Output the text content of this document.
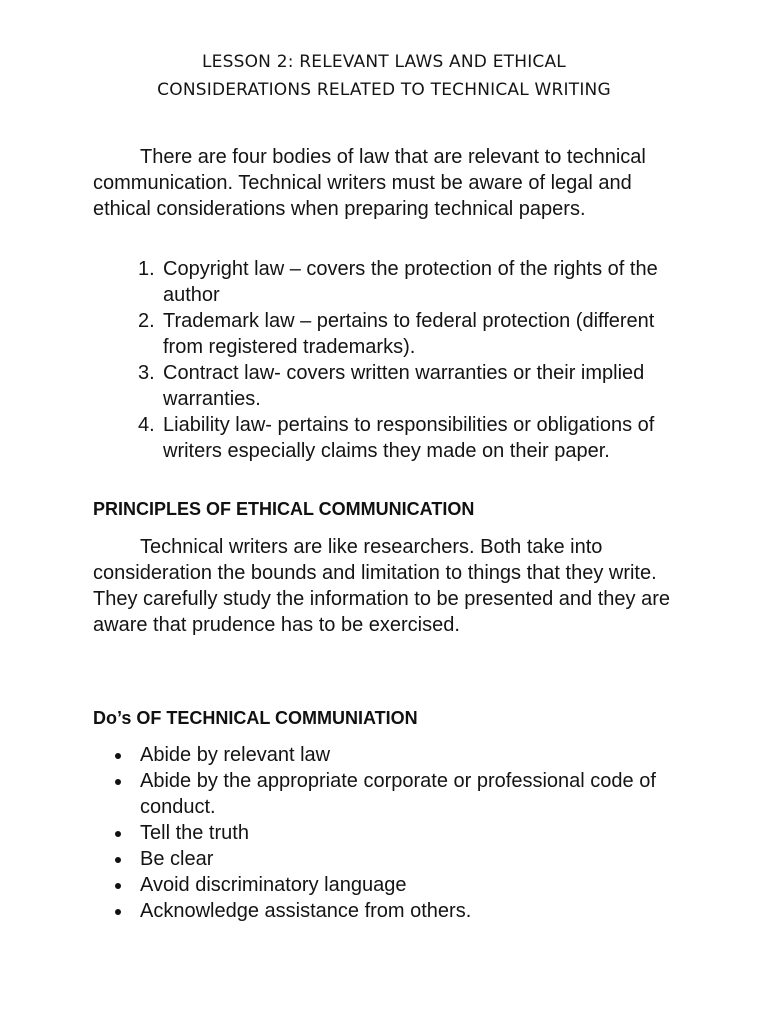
LESSON 2: RELEVANT LAWS AND ETHICAL
CONSIDERATIONS RELATED TO TECHNICAL WRITING

There are four bodies of law that are relevant to technical communication. Technical writers must be aware of legal and ethical considerations when preparing technical papers.

1. Copyright law – covers the protection of the rights of the author
2. Trademark law – pertains to federal protection (different from registered trademarks).
3. Contract law- covers written warranties or their implied warranties.
4. Liability law- pertains to responsibilities or obligations of writers especially claims they made on their paper.
PRINCIPLES OF ETHICAL COMMUNICATION

Technical writers are like researchers. Both take into consideration the bounds and limitation to things that they write. They carefully study the information to be presented and they are aware that prudence has to be exercised.

Do’s OF TECHNICAL COMMUNIATION
Abide by relevant law
Abide by the appropriate corporate or professional code of conduct.
Tell the truth
Be clear
Avoid discriminatory language
Acknowledge assistance from others.
